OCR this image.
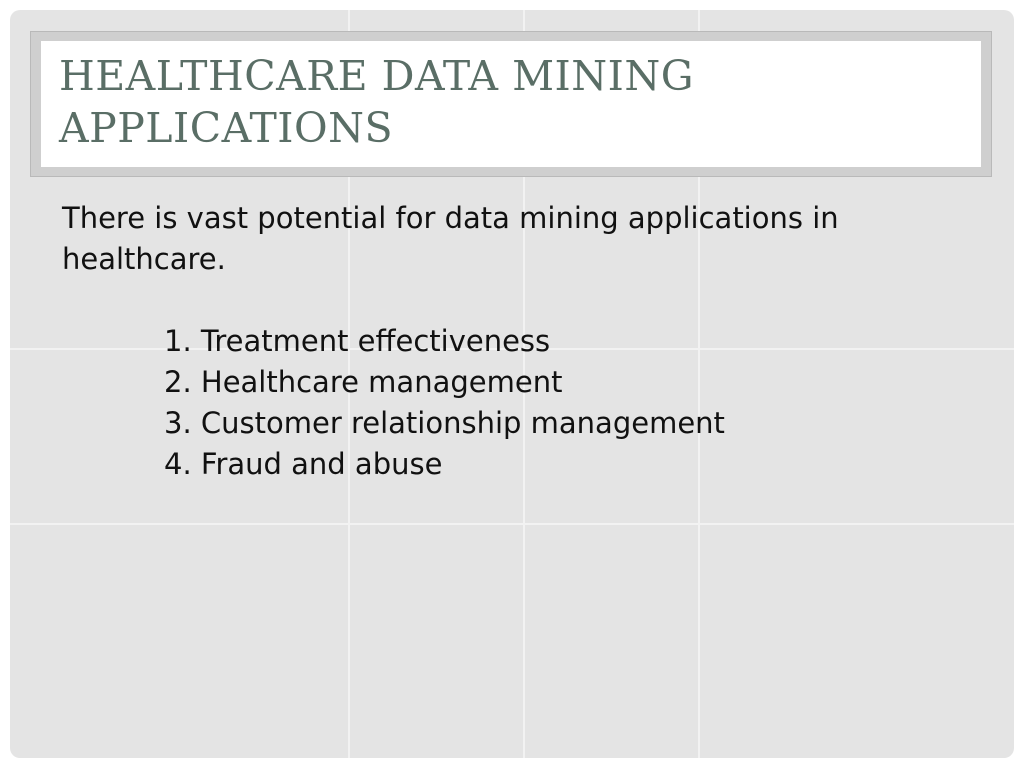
HEALTHCARE DATA MINING
APPLICATIONS

There is vast potential for data mining applications in healthcare.

1. Treatment effectiveness
2. Healthcare management
3. Customer relationship management
4. Fraud and abuse
